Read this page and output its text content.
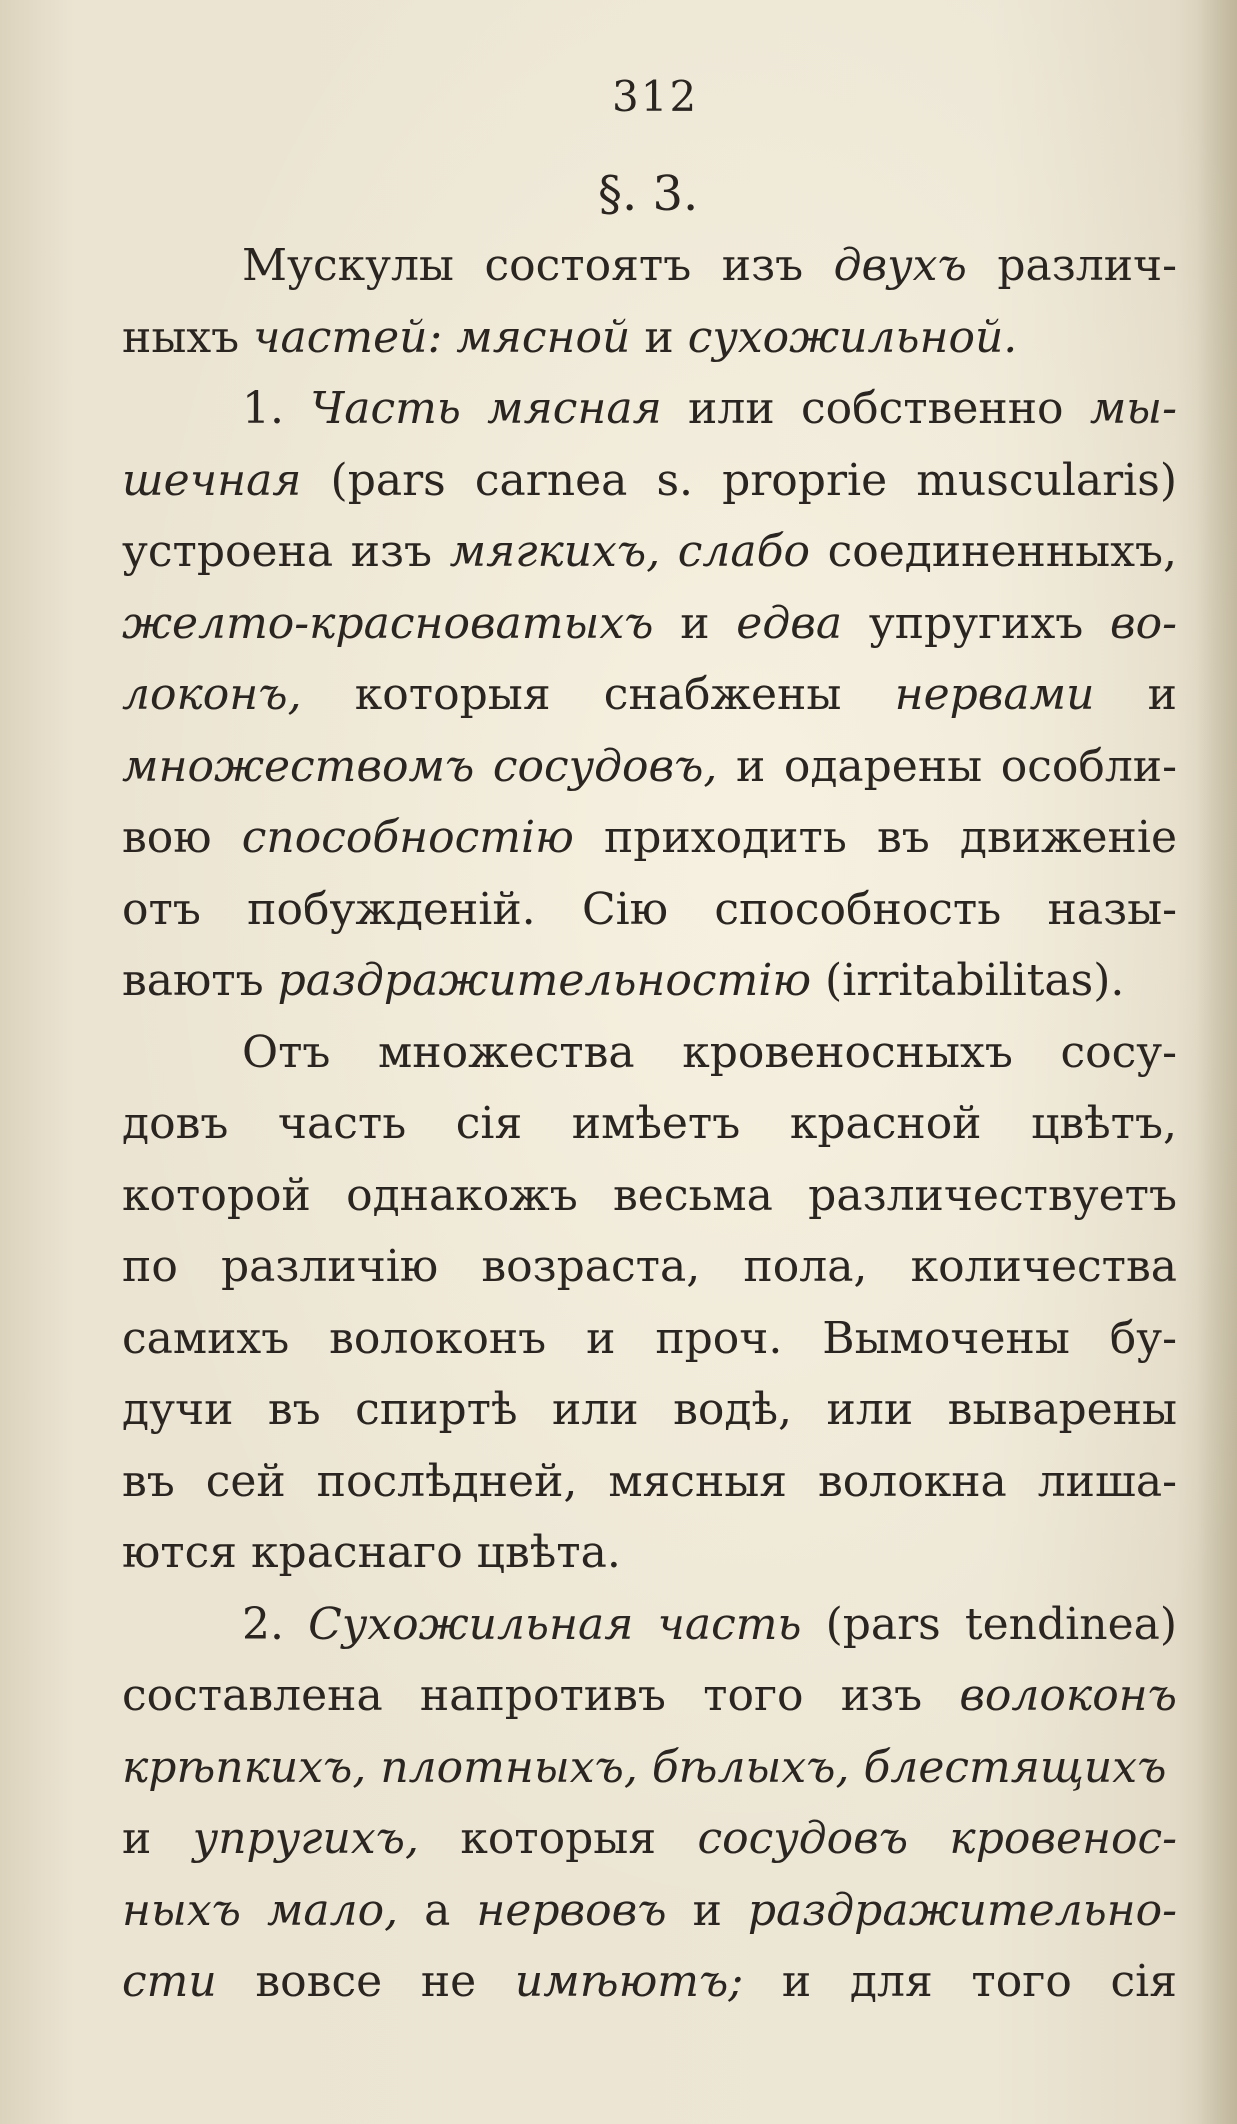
312
§. 3.
Мускулы состоятъ изъ двухъ различ-
ныхъ частей: мясной и сухожильной.
1. Часть мясная или собственно мы-
шечная (pars carnea s. proprie muscularis)
устроена изъ мягкихъ, слабо соединенныхъ,
желто-красноватыхъ и едва упругихъ во-
локонъ, которыя снабжены нервами и
множествомъ сосудовъ, и одарены особли-
вою способностію приходить въ движеніе
отъ побужденій. Сію способность назы-
ваютъ раздражительностію (irritabilitas).
Отъ множества кровеносныхъ сосу-
довъ часть сія имѣетъ красной цвѣтъ,
которой однакожъ весьма различествуетъ
по различію возраста, пола, количества
самихъ волоконъ и проч. Вымочены бу-
дучи въ спиртѣ или водѣ, или вываpены
въ сей послѣдней, мясныя волокна лиша-
ются краснаго цвѣта.
2. Сухожильная часть (pars tendinea)
составлена напротивъ того изъ волоконъ
крѣпкихъ, плотныхъ, бѣлыхъ, блестящихъ
и упругихъ, которыя сосудовъ кровенос-
ныхъ мало, а нервовъ и раздражительно-
сти вовсе не имѣютъ; и для того сія
